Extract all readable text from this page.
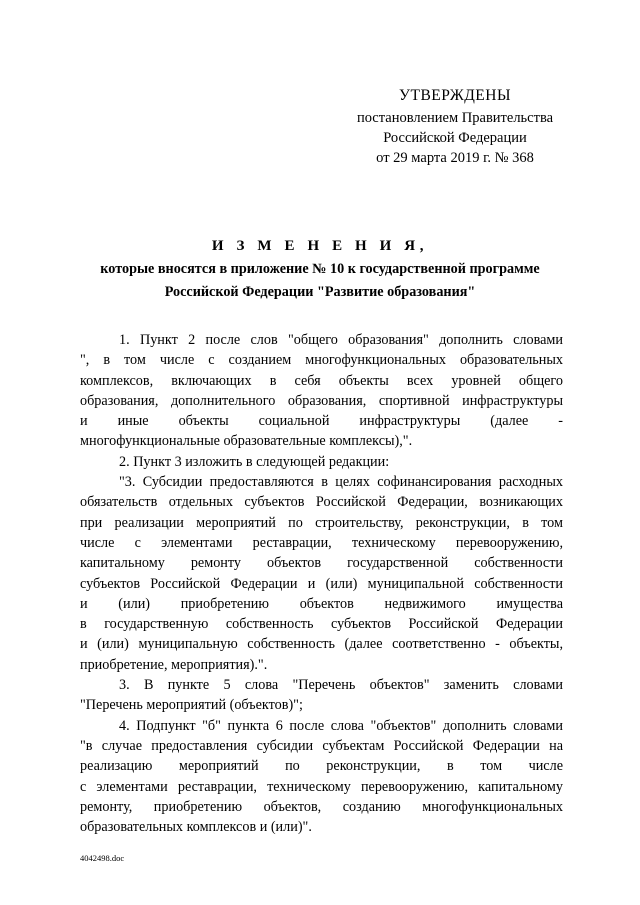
УТВЕРЖДЕНЫ
постановлением Правительства
Российской Федерации
от 29 марта 2019 г. № 368
И З М Е Н Е Н И Я,
которые вносятся в приложение № 10 к государственной программе
Российской Федерации "Развитие образования"
1. Пункт 2 после слов "общего образования" дополнить словами
", в том числе с созданием многофункциональных образовательных
комплексов, включающих в себя объекты всех уровней общего
образования, дополнительного образования, спортивной инфраструктуры
и иные объекты социальной инфраструктуры (далее -
многофункциональные образовательные комплексы),".
2. Пункт 3 изложить в следующей редакции:
"3. Субсидии предоставляются в целях софинансирования расходных
обязательств отдельных субъектов Российской Федерации, возникающих
при реализации мероприятий по строительству, реконструкции, в том
числе с элементами реставрации, техническому перевооружению,
капитальному ремонту объектов государственной собственности
субъектов Российской Федерации и (или) муниципальной собственности
и (или) приобретению объектов недвижимого имущества
в государственную собственность субъектов Российской Федерации
и (или) муниципальную собственность (далее соответственно - объекты,
приобретение, мероприятия).".
3. В пункте 5 слова "Перечень объектов" заменить словами
"Перечень мероприятий (объектов)";
4. Подпункт "б" пункта 6 после слова "объектов" дополнить словами
"в случае предоставления субсидии субъектам Российской Федерации на
реализацию мероприятий по реконструкции, в том числе
с элементами реставрации, техническому перевооружению, капитальному
ремонту, приобретению объектов, созданию многофункциональных
образовательных комплексов и (или)".
4042498.doc
